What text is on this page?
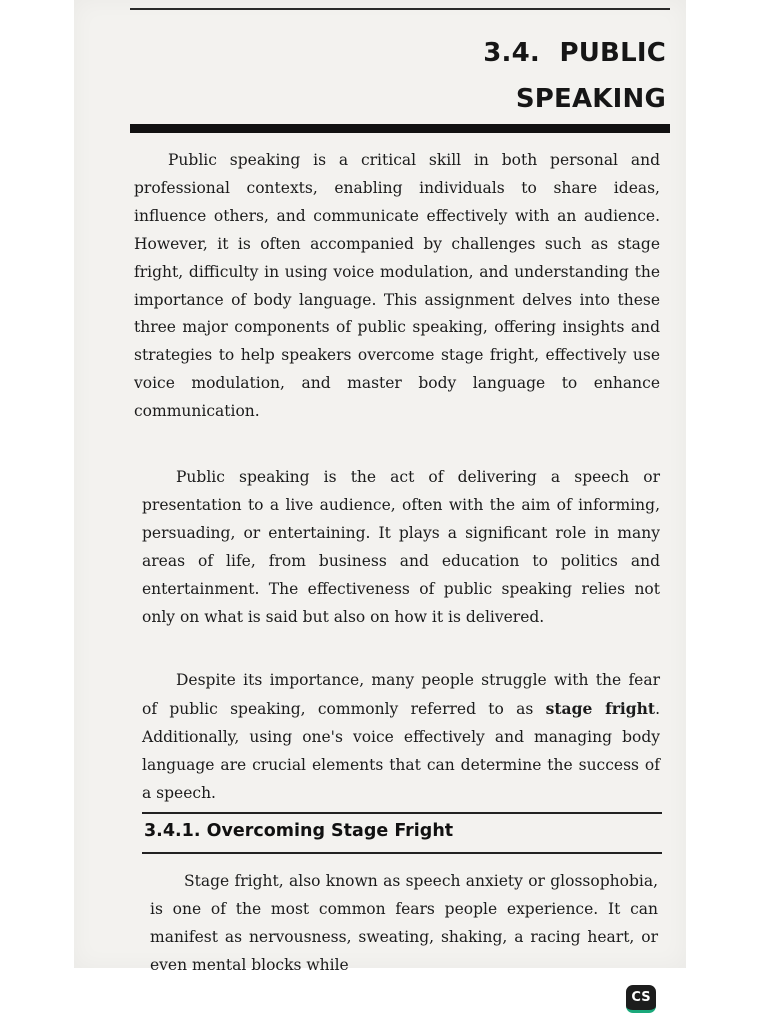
3.4. PUBLIC
SPEAKING

Public speaking is a critical skill in both personal and professional contexts, enabling individuals to share ideas, influence others, and communicate effectively with an audience. However, it is often accompanied by challenges such as stage fright, difficulty in using voice modulation, and understanding the importance of body language. This assignment delves into these three major components of public speaking, offering insights and strategies to help speakers overcome stage fright, effectively use voice modulation, and master body language to enhance communication.

Public speaking is the act of delivering a speech or presentation to a live audience, often with the aim of informing, persuading, or entertaining. It plays a significant role in many areas of life, from business and education to politics and entertainment. The effectiveness of public speaking relies not only on what is said but also on how it is delivered.

Despite its importance, many people struggle with the fear of public speaking, commonly referred to as stage fright. Additionally, using one's voice effectively and managing body language are crucial elements that can determine the success of a speech.

3.4.1. Overcoming Stage Fright

Stage fright, also known as speech anxiety or glossophobia, is one of the most common fears people experience. It can manifest as nervousness, sweating, shaking, a racing heart, or even mental blocks while

CS
